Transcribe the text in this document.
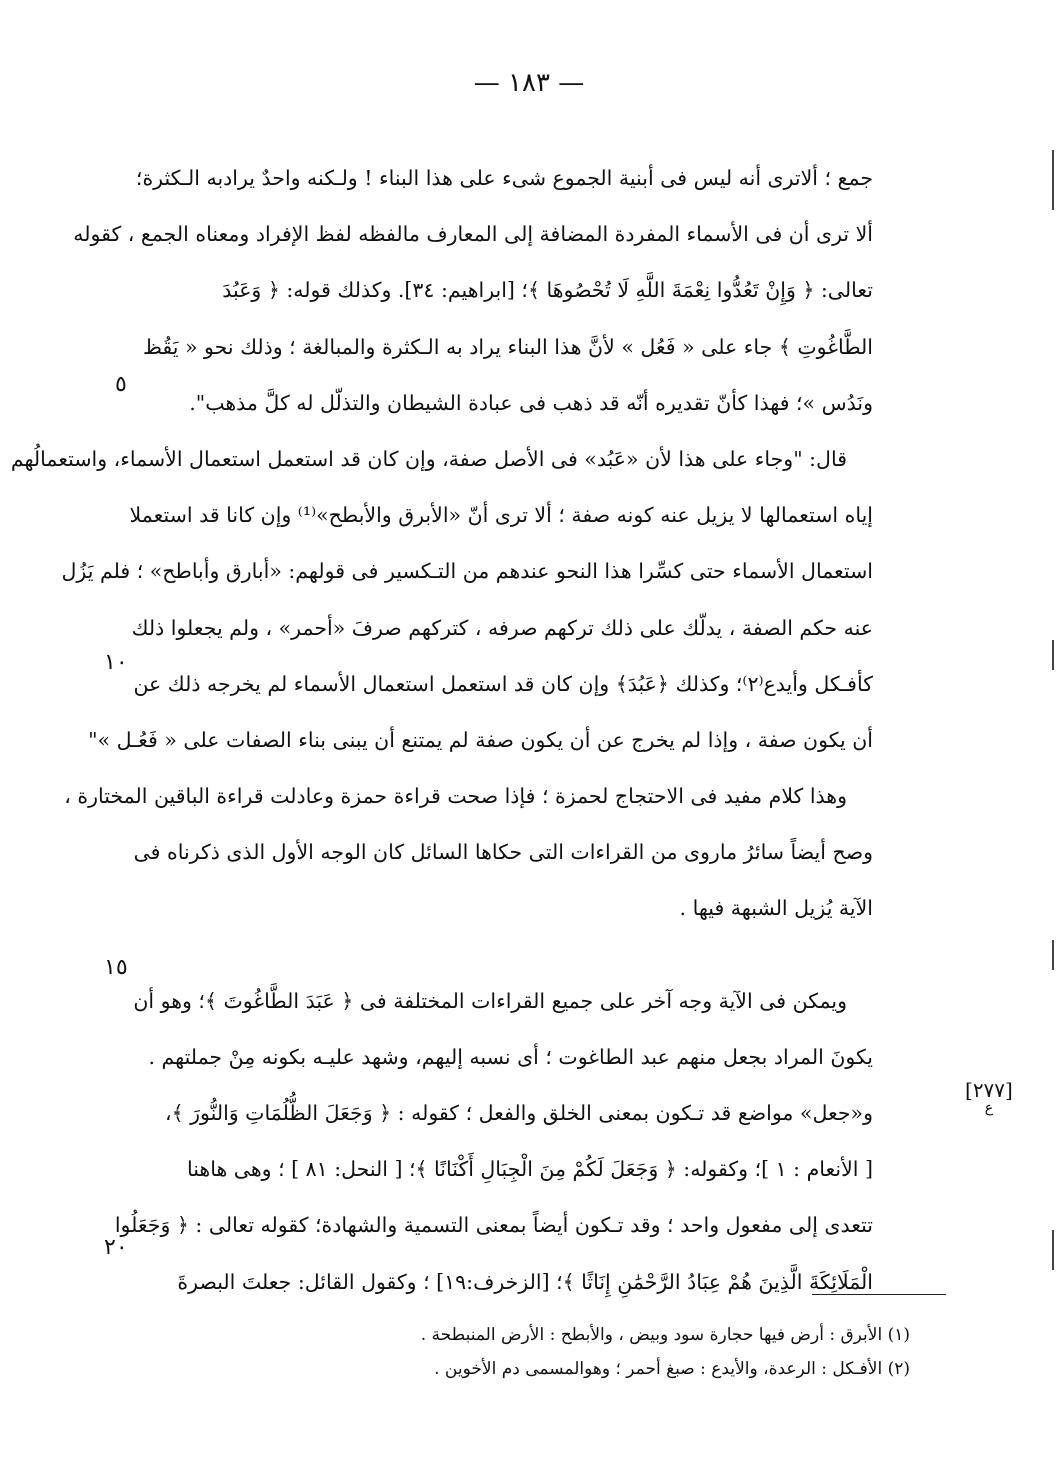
— ١٨٣ —
جمع ؛ ألاترى أنه ليس فى أبنية الجموع شىء على هذا البناء ! ولـكنه واحدٌ يرادبه الـكثرة؛
ألا ترى أن فى الأسماء المفردة المضافة إلى المعارف مالفظه لفظ الإفراد ومعناه الجمع ، كقوله
تعالى: ﴿ وَإِنْ تَعُدُّوا نِعْمَةَ اللَّهِ لَا تُحْصُوهَا ﴾؛ [ابراهيم: ٣٤]. وكذلك قوله: ﴿ وَعَبُدَ
الطَّاغُوتِ ﴾ جاء على « فَعُل » لأنَّ هذا البناء يراد به الـكثرة والمبالغة ؛ وذلك نحو « يَقُظ
ونَدُس »؛ فهذا كأنّ تقديره أنّه قد ذهب فى عبادة الشيطان والتذلّل له كلَّ مذهب".
قال: "وجاء على هذا لأن «عَبُد» فى الأصل صفة، وإن كان قد استعمل استعمال الأسماء، واستعمالُهم
إياه استعمالها لا يزيل عنه كونه صفة ؛ ألا ترى أنّ «الأبرق والأبطح»⁽¹⁾ وإن كانا قد استعملا
استعمال الأسماء حتى كسِّرا هذا النحو عندهم من التـكسير فى قولهم: «أبارق وأباطح» ؛ فلم يَزُل
عنه حكم الصفة ، يدلّك على ذلك تركهم صرفه ، كتركهم صرفَ «أحمر» ، ولم يجعلوا ذلك
كأفـكل وأيدع⁽٢⁾؛ وكذلك ﴿عَبُدَ﴾ وإن كان قد استعمل استعمال الأسماء لم يخرجه ذلك عن
أن يكون صفة ، وإذا لم يخرج عن أن يكون صفة لم يمتنع أن يبنى بناء الصفات على « فَعُـل »"
وهذا كلام مفيد فى الاحتجاج لحمزة ؛ فإذا صحت قراءة حمزة وعادلت قراءة الباقين المختارة ،
وصح أيضاً سائرُ ماروى من القراءات التى حكاها السائل كان الوجه الأول الذى ذكرناه فى
الآية يُزيل الشبهة فيها .
ويمكن فى الآية وجه آخر على جميع القراءات المختلفة فى ﴿ عَبَدَ الطَّاغُوتَ ﴾؛ وهو أن
يكونَ المراد بجعل منهم عبد الطاغوت ؛ أى نسبه إليهم، وشهد عليـه بكونه مِنْ جملتهم .
و«جعل» مواضع قد تـكون بمعنى الخلق والفعل ؛ كقوله : ﴿ وَجَعَلَ الظُّلُمَاتِ وَالنُّورَ ﴾،
[ الأنعام : ١ ]؛ وكقوله: ﴿ وَجَعَلَ لَكُمْ مِنَ الْجِبَالِ أَكْنَانًا ﴾؛ [ النحل: ٨١ ] ؛ وهى هاهنا
تتعدى إلى مفعول واحد ؛ وقد تـكون أيضاً بمعنى التسمية والشهادة؛ كقوله تعالى : ﴿ وَجَعَلُوا
الْمَلَائِكَةَ الَّذِينَ هُمْ عِبَادُ الرَّحْمَٰنِ إِنَاثًا ﴾؛ [الزخرف:١٩] ؛ وكقول القائل: جعلتَ البصرةَ
٥
١٠
١٥
٢٠
[٢٧٧]
ع
(١) الأبرق : أرض فيها حجارة سود وبيض ، والأبطح : الأرض المنبطحة .
(٢) الأفـكل : الرعدة، والأيدع : صبغ أحمر ؛ وهوالمسمى دم الأخوين .
